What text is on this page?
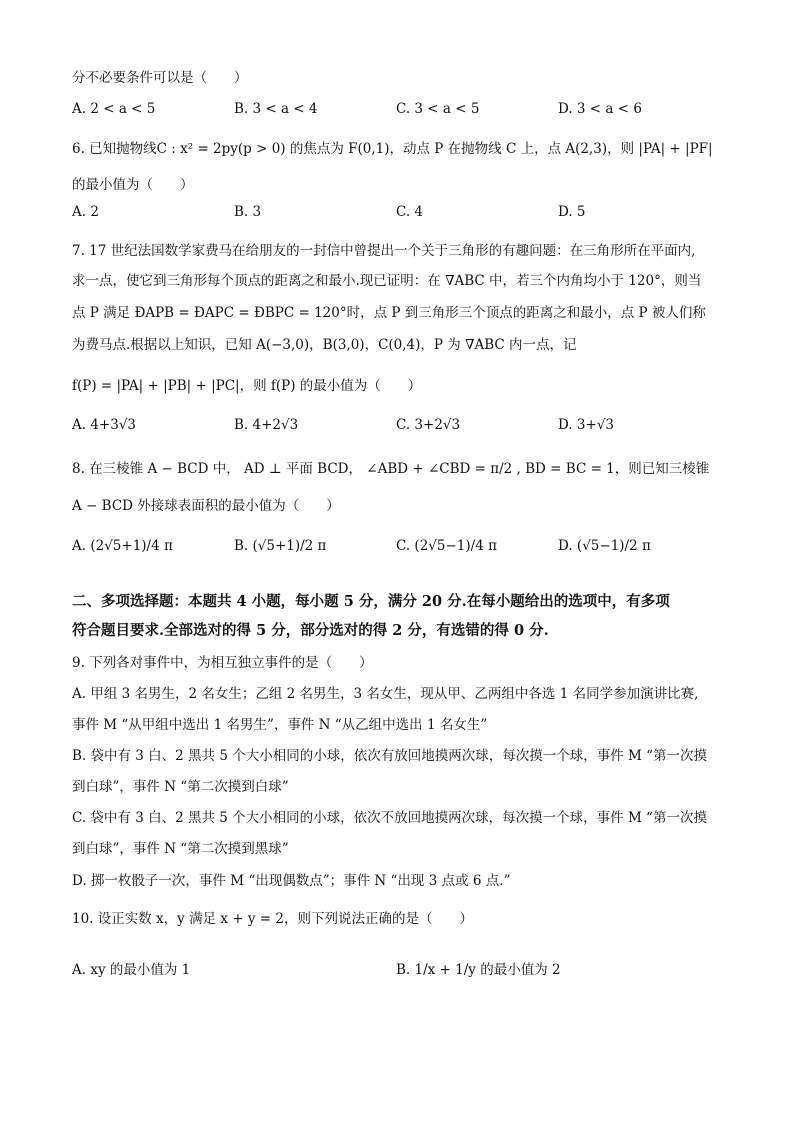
分不必要条件可以是（　　）
A. 2 < a < 5	B. 3 < a < 4	C. 3 < a < 5	D. 3 < a < 6
6. 已知抛物线C : x² = 2py(p > 0) 的焦点为 F(0,1)，动点 P 在抛物线 C 上，点 A(2,3)，则 |PA| + |PF|
的最小值为（　　）
A. 2	B. 3	C. 4	D. 5
7. 17 世纪法国数学家费马在给朋友的一封信中曾提出一个关于三角形的有趣问题：在三角形所在平面内,
求一点，使它到三角形每个顶点的距离之和最小.现已证明：在 ∇ABC 中，若三个内角均小于 120°，则当
点 P 满足 ĐAPB = ĐAPC = ĐBPC = 120°时，点 P 到三角形三个顶点的距离之和最小，点 P 被人们称
为费马点.根据以上知识，已知 A(−3,0)，B(3,0)，C(0,4)，P 为 ∇ABC 内一点，记
f(P) = |PA| + |PB| + |PC|，则 f(P) 的最小值为（　　）
A. 4+3√3	B. 4+2√3	C. 3+2√3	D. 3+√3
8. 在三棱锥 A − BCD 中， AD ⊥ 平面 BCD， ∠ABD + ∠CBD = π/2 , BD = BC = 1，则已知三棱锥
A − BCD 外接球表面积的最小值为（　　）
A. (2√5+1)/4 π	B. (√5+1)/2 π	C. (2√5−1)/4 π	D. (√5−1)/2 π
二、多项选择题：本题共 4 小题，每小题 5 分，满分 20 分.在每小题给出的选项中，有多项
符合题目要求.全部选对的得 5 分，部分选对的得 2 分，有选错的得 0 分.
9. 下列各对事件中，为相互独立事件的是（　　）
A. 甲组 3 名男生，2 名女生；乙组 2 名男生，3 名女生，现从甲、乙两组中各选 1 名同学参加演讲比赛,
事件 M “从甲组中选出 1 名男生”，事件 N “从乙组中选出 1 名女生”
B. 袋中有 3 白、2 黑共 5 个大小相同的小球，依次有放回地摸两次球，每次摸一个球，事件 M “第一次摸
到白球”，事件 N “第二次摸到白球”
C. 袋中有 3 白、2 黑共 5 个大小相同的小球，依次不放回地摸两次球，每次摸一个球，事件 M “第一次摸
到白球”，事件 N “第二次摸到黑球”
D. 掷一枚骰子一次，事件 M “出现偶数点”；事件 N “出现 3 点或 6 点.”
10. 设正实数 x，y 满足 x + y = 2，则下列说法正确的是（　　）
A. xy 的最小值为 1	B. 1/x + 1/y 的最小值为 2
